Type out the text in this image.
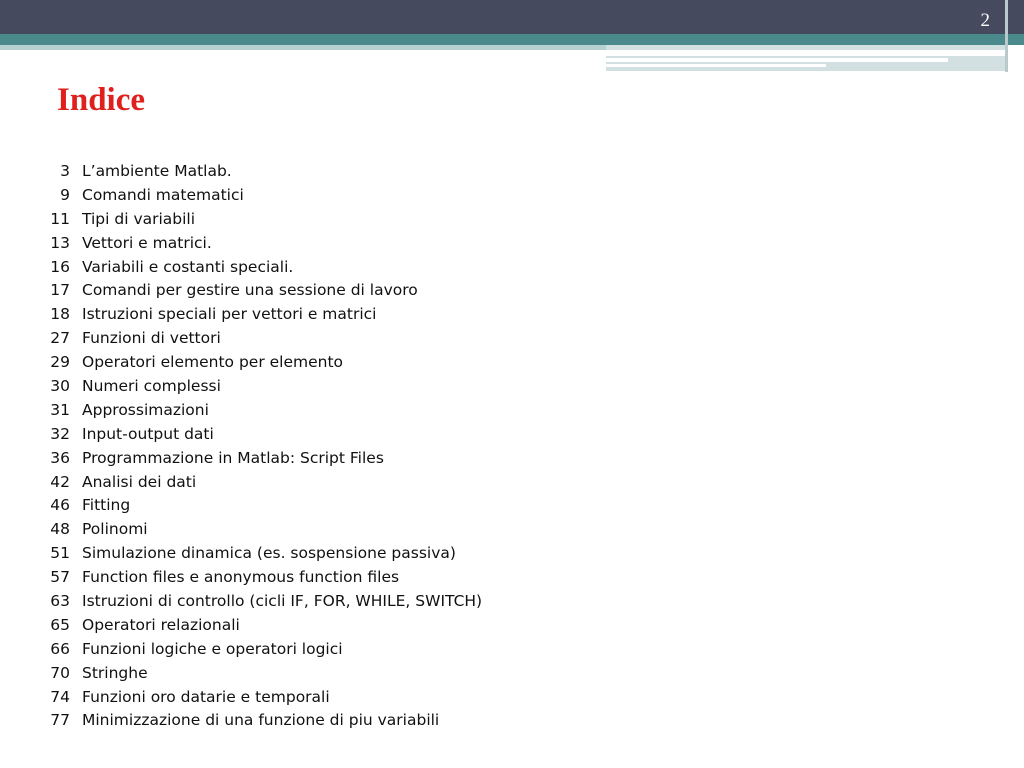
2
Indice
3 L’ambiente Matlab.
9 Comandi matematici
11 Tipi di variabili
13 Vettori e matrici.
16 Variabili e costanti speciali.
17 Comandi per gestire una sessione di lavoro
18 Istruzioni speciali per vettori e matrici
27 Funzioni di vettori
29 Operatori elemento per elemento
30 Numeri complessi
31 Approssimazioni
32 Input-output dati
36 Programmazione in Matlab: Script Files
42 Analisi dei dati
46 Fitting
48 Polinomi
51 Simulazione dinamica (es. sospensione passiva)
57 Function files e anonymous function files
63 Istruzioni di controllo (cicli IF, FOR, WHILE, SWITCH)
65 Operatori relazionali
66 Funzioni logiche e operatori logici
70 Stringhe
74 Funzioni oro datarie e temporali
77 Minimizzazione di una funzione di piu variabili
